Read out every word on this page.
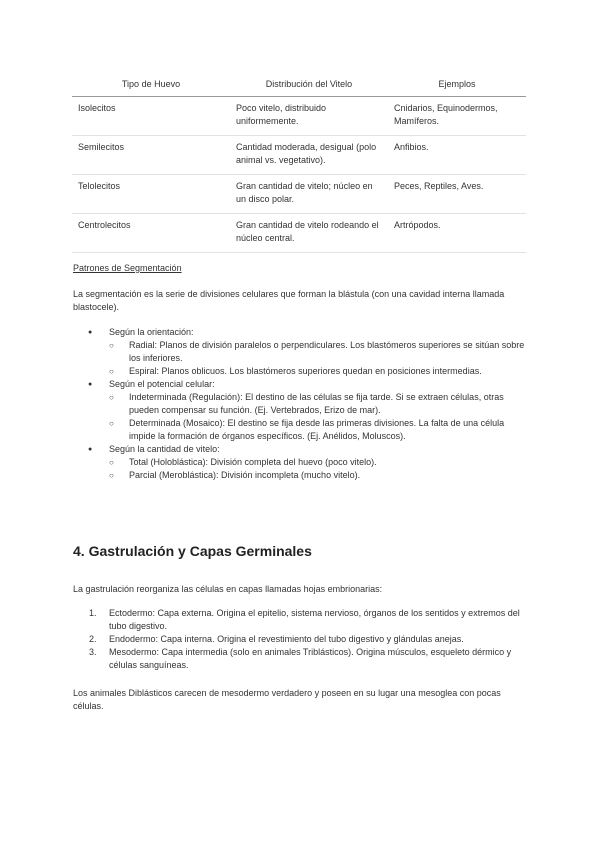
Tipo de Huevo	Distribución del Vitelo	Ejemplos
Isolecitos	Poco vitelo, distribuido uniformemente.	Cnidarios, Equinodermos, Mamíferos.
Semilecitos	Cantidad moderada, desigual (polo animal vs. vegetativo).	Anfibios.
Telolecitos	Gran cantidad de vitelo; núcleo en un disco polar.	Peces, Reptiles, Aves.
Centrolecitos	Gran cantidad de vitelo rodeando el núcleo central.	Artrópodos.
Patrones de Segmentación

La segmentación es la serie de divisiones celulares que forman la blástula (con una cavidad interna llamada blastocele).

● Según la orientación:
○ Radial: Planos de división paralelos o perpendiculares. Los blastómeros superiores se sitúan sobre los inferiores.
○ Espiral: Planos oblicuos. Los blastómeros superiores quedan en posiciones intermedias.
● Según el potencial celular:
○ Indeterminada (Regulación): El destino de las células se fija tarde. Si se extraen células, otras pueden compensar su función. (Ej. Vertebrados, Erizo de mar).
○ Determinada (Mosaico): El destino se fija desde las primeras divisiones. La falta de una célula impide la formación de órganos específicos. (Ej. Anélidos, Moluscos).
● Según la cantidad de vitelo:
○ Total (Holoblástica): División completa del huevo (poco vitelo).
○ Parcial (Meroblástica): División incompleta (mucho vitelo).
4. Gastrulación y Capas Germinales

La gastrulación reorganiza las células en capas llamadas hojas embrionarias:

1. Ectodermo: Capa externa. Origina el epitelio, sistema nervioso, órganos de los sentidos y extremos del tubo digestivo.
2. Endodermo: Capa interna. Origina el revestimiento del tubo digestivo y glándulas anejas.
3. Mesodermo: Capa intermedia (solo en animales Triblásticos). Origina músculos, esqueleto dérmico y células sanguíneas.

Los animales Diblásticos carecen de mesodermo verdadero y poseen en su lugar una mesoglea con pocas células.
